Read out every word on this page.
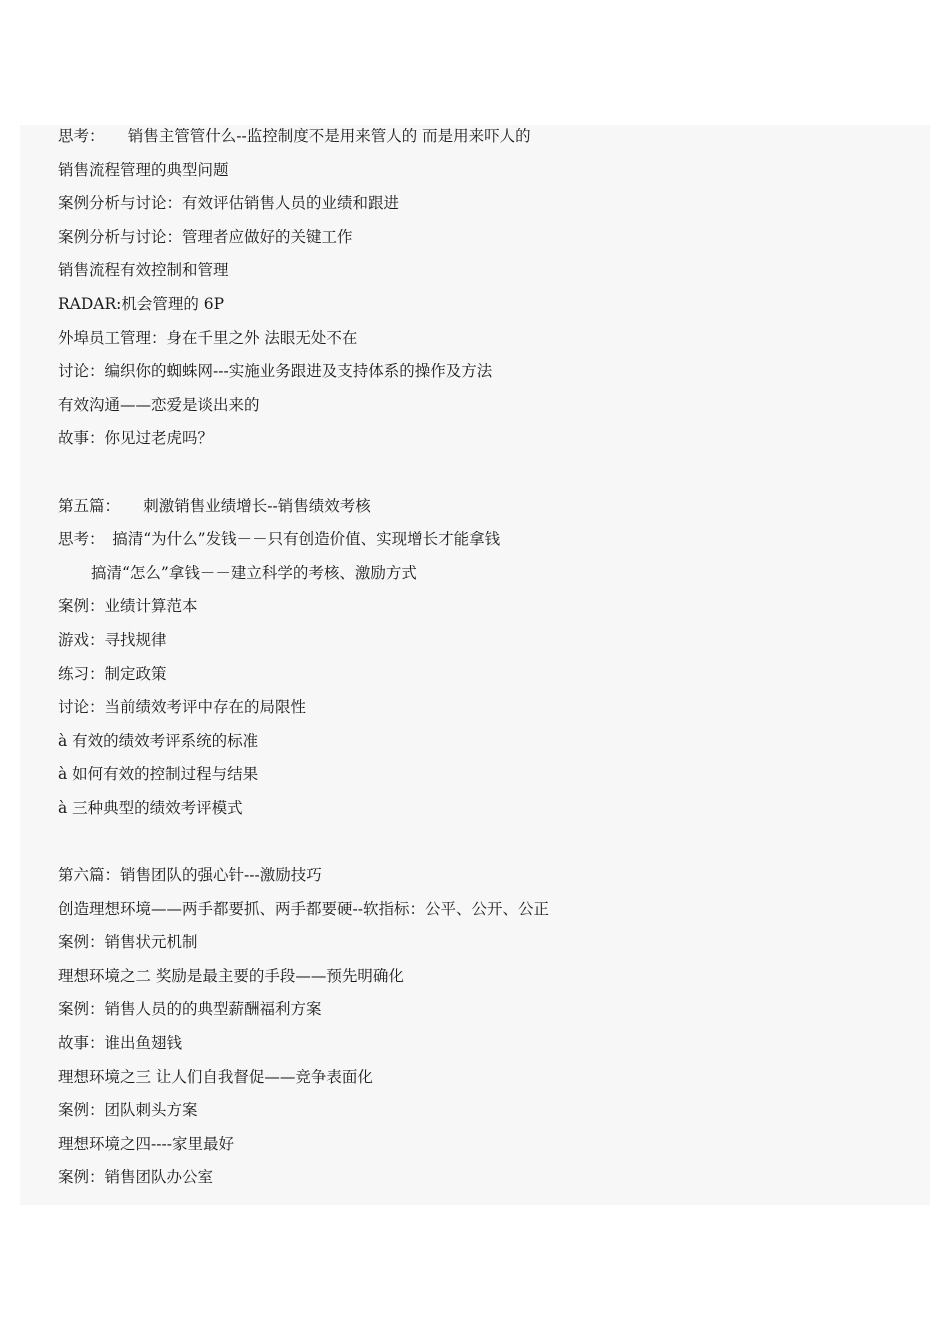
思考：　　销售主管管什么--监控制度不是用来管人的 而是用来吓人的
销售流程管理的典型问题
案例分析与讨论：有效评估销售人员的业绩和跟进
案例分析与讨论：管理者应做好的关键工作
销售流程有效控制和管理
RADAR:机会管理的 6P
外埠员工管理：身在千里之外 法眼无处不在
讨论：编织你的蜘蛛网---实施业务跟进及支持体系的操作及方法
有效沟通——恋爱是谈出来的
故事：你见过老虎吗？
第五篇：　　刺激销售业绩增长--销售绩效考核
思考：　搞清“为什么”发钱－－只有创造价值、实现增长才能拿钱
搞清“怎么”拿钱－－建立科学的考核、激励方式
案例：业绩计算范本
游戏：寻找规律
练习：制定政策
讨论：当前绩效考评中存在的局限性
à 有效的绩效考评系统的标准
à 如何有效的控制过程与结果
à 三种典型的绩效考评模式
第六篇：销售团队的强心针---激励技巧
创造理想环境——两手都要抓、两手都要硬--软指标：公平、公开、公正
案例：销售状元机制
理想环境之二 奖励是最主要的手段——预先明确化
案例：销售人员的的典型薪酬福利方案
故事：谁出鱼翅钱
理想环境之三 让人们自我督促——竞争表面化
案例：团队刺头方案
理想环境之四----家里最好
案例：销售团队办公室
